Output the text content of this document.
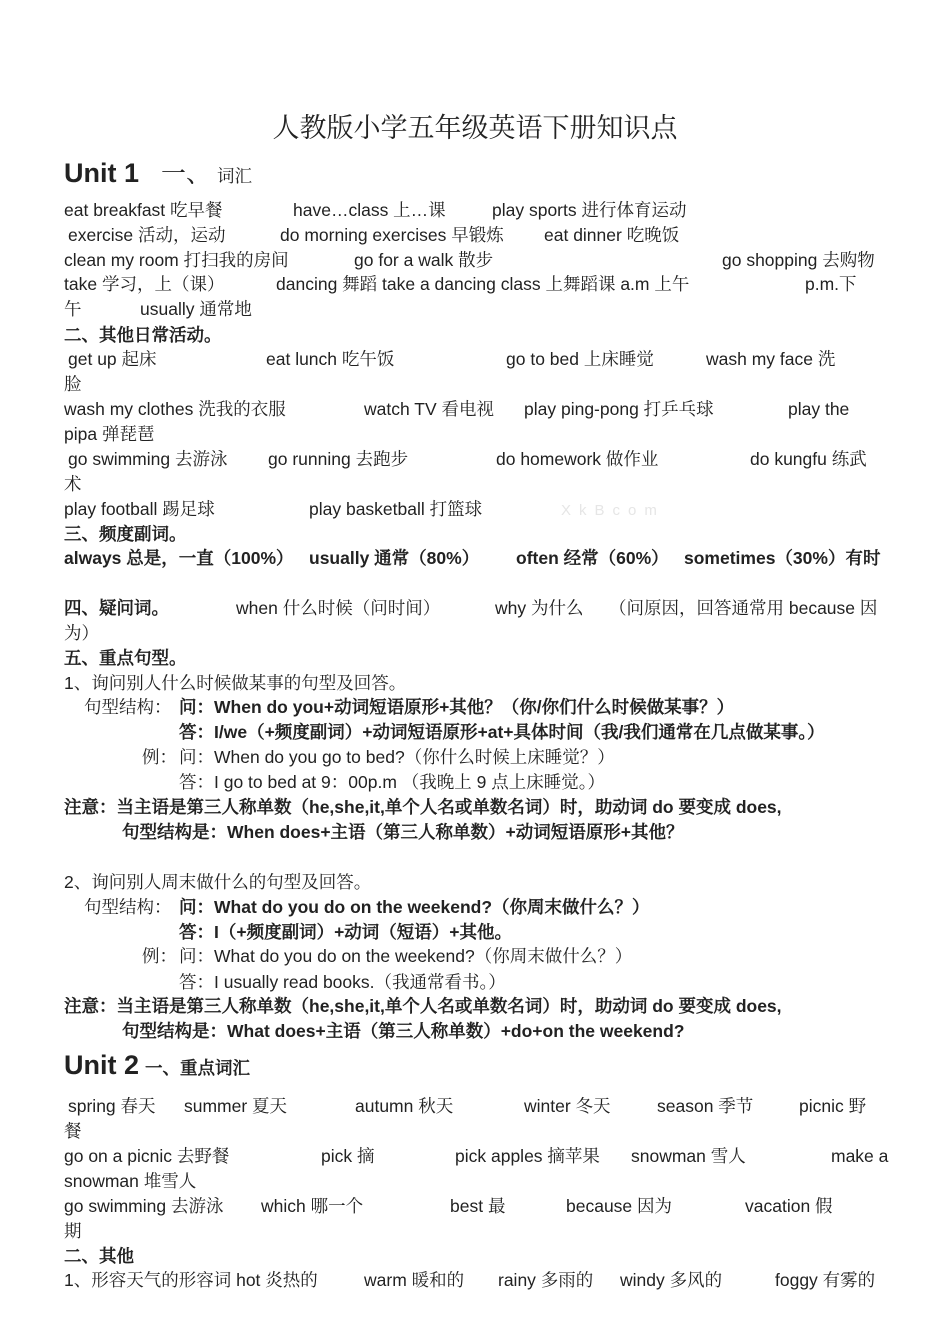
人教版小学五年级英语下册知识点
Unit 1 一、 词汇
eat breakfast 吃早餐	have…class 上…课	play sports 进行体育运动
exercise 活动，运动	do morning exercises 早锻炼 eat dinner 吃晚饭
clean my room 打扫我的房间	go for a walk 散步	go shopping 去购物
take 学习，上（课）	dancing 舞蹈 take a dancing class 上舞蹈课 a.m 上午	p.m.下
午	usually 通常地
二、其他日常活动。
get up 起床	eat lunch 吃午饭	go to bed 上床睡觉	wash my face 洗
脸
wash my clothes 洗我的衣服	watch TV 看电视 play ping-pong 打乒乓球	play the
pipa 弹琵琶
go swimming 去游泳 go running 去跑步	do homework 做作业	do kungfu 练武
术
play football 踢足球	play basketball 打篮球	XkBcom
三、频度副词。
always 总是，一直（100%） usually 通常（80%） often 经常（60%） sometimes（30%）有时
四、疑问词。	when 什么时候（问时间）	why 为什么 （问原因，回答通常用 because 因
为）
五、重点句型。
1、询问别人什么时候做某事的句型及回答。
句型结构： 问：When do you+动词短语原形+其他？（你/你们什么时候做某事？）
答：I/we（+频度副词）+动词短语原形+at+具体时间（我/我们通常在几点做某事。）
例： 问：When do you go to bed?（你什么时候上床睡觉？）
答：I go to bed at 9：00p.m （我晚上 9 点上床睡觉。）
注意：当主语是第三人称单数（he,she,it,单个人名或单数名词）时，助动词 do 要变成 does,
句型结构是：When does+主语（第三人称单数）+动词短语原形+其他？
2、询问别人周末做什么的句型及回答。
句型结构： 问：What do you do on the weekend?（你周末做什么？）
答：I（+频度副词）+动词（短语）+其他。
例： 问：What do you do on the weekend?（你周末做什么？）
答：I usually read books.（我通常看书。）
注意：当主语是第三人称单数（he,she,it,单个人名或单数名词）时，助动词 do 要变成 does,
句型结构是：What does+主语（第三人称单数）+do+on the weekend?
Unit 2 一、重点词汇
spring 春天 summer 夏天	autumn 秋天	winter 冬天	season 季节	picnic 野
餐
go on a picnic 去野餐	pick 摘	pick apples 摘苹果 snowman 雪人	make a
snowman 堆雪人
go swimming 去游泳 which 哪一个	best 最	because 因为	vacation 假
期
二、其他
1、形容天气的形容词 hot 炎热的	warm 暖和的 rainy 多雨的 windy 多风的	foggy 有雾的
